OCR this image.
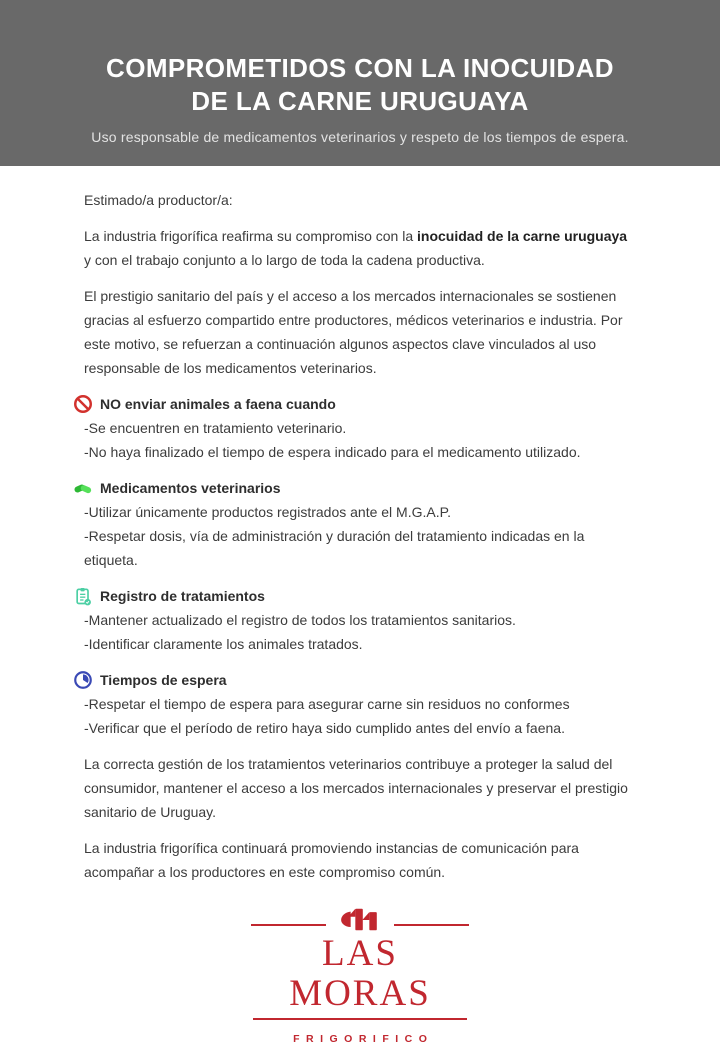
COMPROMETIDOS CON LA INOCUIDAD
DE LA CARNE URUGUAYA
Uso responsable de medicamentos veterinarios y respeto de los tiempos de espera.

Estimado/a productor/a:

La industria frigorífica reafirma su compromiso con la inocuidad de la carne uruguaya y con el trabajo conjunto a lo largo de toda la cadena productiva.

El prestigio sanitario del país y el acceso a los mercados internacionales se sostienen gracias al esfuerzo compartido entre productores, médicos veterinarios e industria. Por este motivo, se refuerzan a continuación algunos aspectos clave vinculados al uso responsable de los medicamentos veterinarios.

NO enviar animales a faena cuando
-Se encuentren en tratamiento veterinario.
-No haya finalizado el tiempo de espera indicado para el medicamento utilizado.
Medicamentos veterinarios
-Utilizar únicamente productos registrados ante el M.G.A.P.
-Respetar dosis, vía de administración y duración del tratamiento indicadas en la etiqueta.
Registro de tratamientos
-Mantener actualizado el registro de todos los tratamientos sanitarios.
-Identificar claramente los animales tratados.
Tiempos de espera
-Respetar el tiempo de espera para asegurar carne sin residuos no conformes
-Verificar que el período de retiro haya sido cumplido antes del envío a faena.

La correcta gestión de los tratamientos veterinarios contribuye a proteger la salud del consumidor, mantener el acceso a los mercados internacionales y preservar el prestigio sanitario de Uruguay.

La industria frigorífica continuará promoviendo instancias de comunicación para acompañar a los productores en este compromiso común.

LAS MORAS
FRIGORIFICO
